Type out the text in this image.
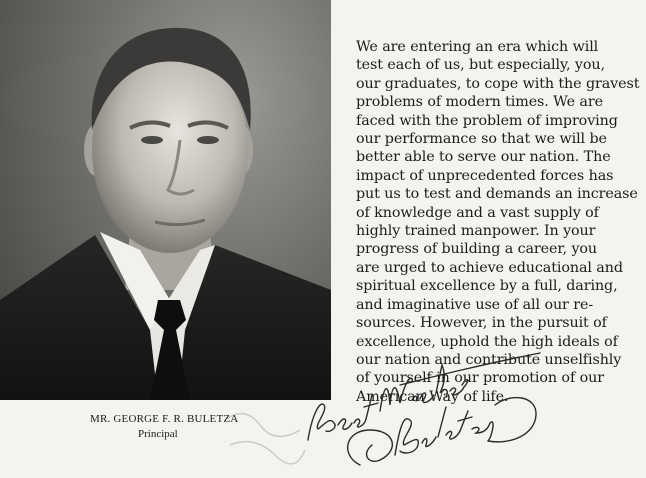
We are entering an era which will
test each of us, but especially, you,
our graduates, to cope with the gravest
problems of modern times. We are
faced with the problem of improving
our performance so that we will be
better able to serve our nation. The
impact of unprecedented forces has
put us to test and demands an increase
of knowledge and a vast supply of
highly trained manpower. In your
progress of building a career, you
are urged to achieve educational and
spiritual excellence by a full, daring,
and imaginative use of all our re-
sources. However, in the pursuit of
excellence, uphold the high ideals of
our nation and contribute unselfishly
of yourself in our promotion of our
American Way of life.
MR. GEORGE F. R. BULETZA
Principal
